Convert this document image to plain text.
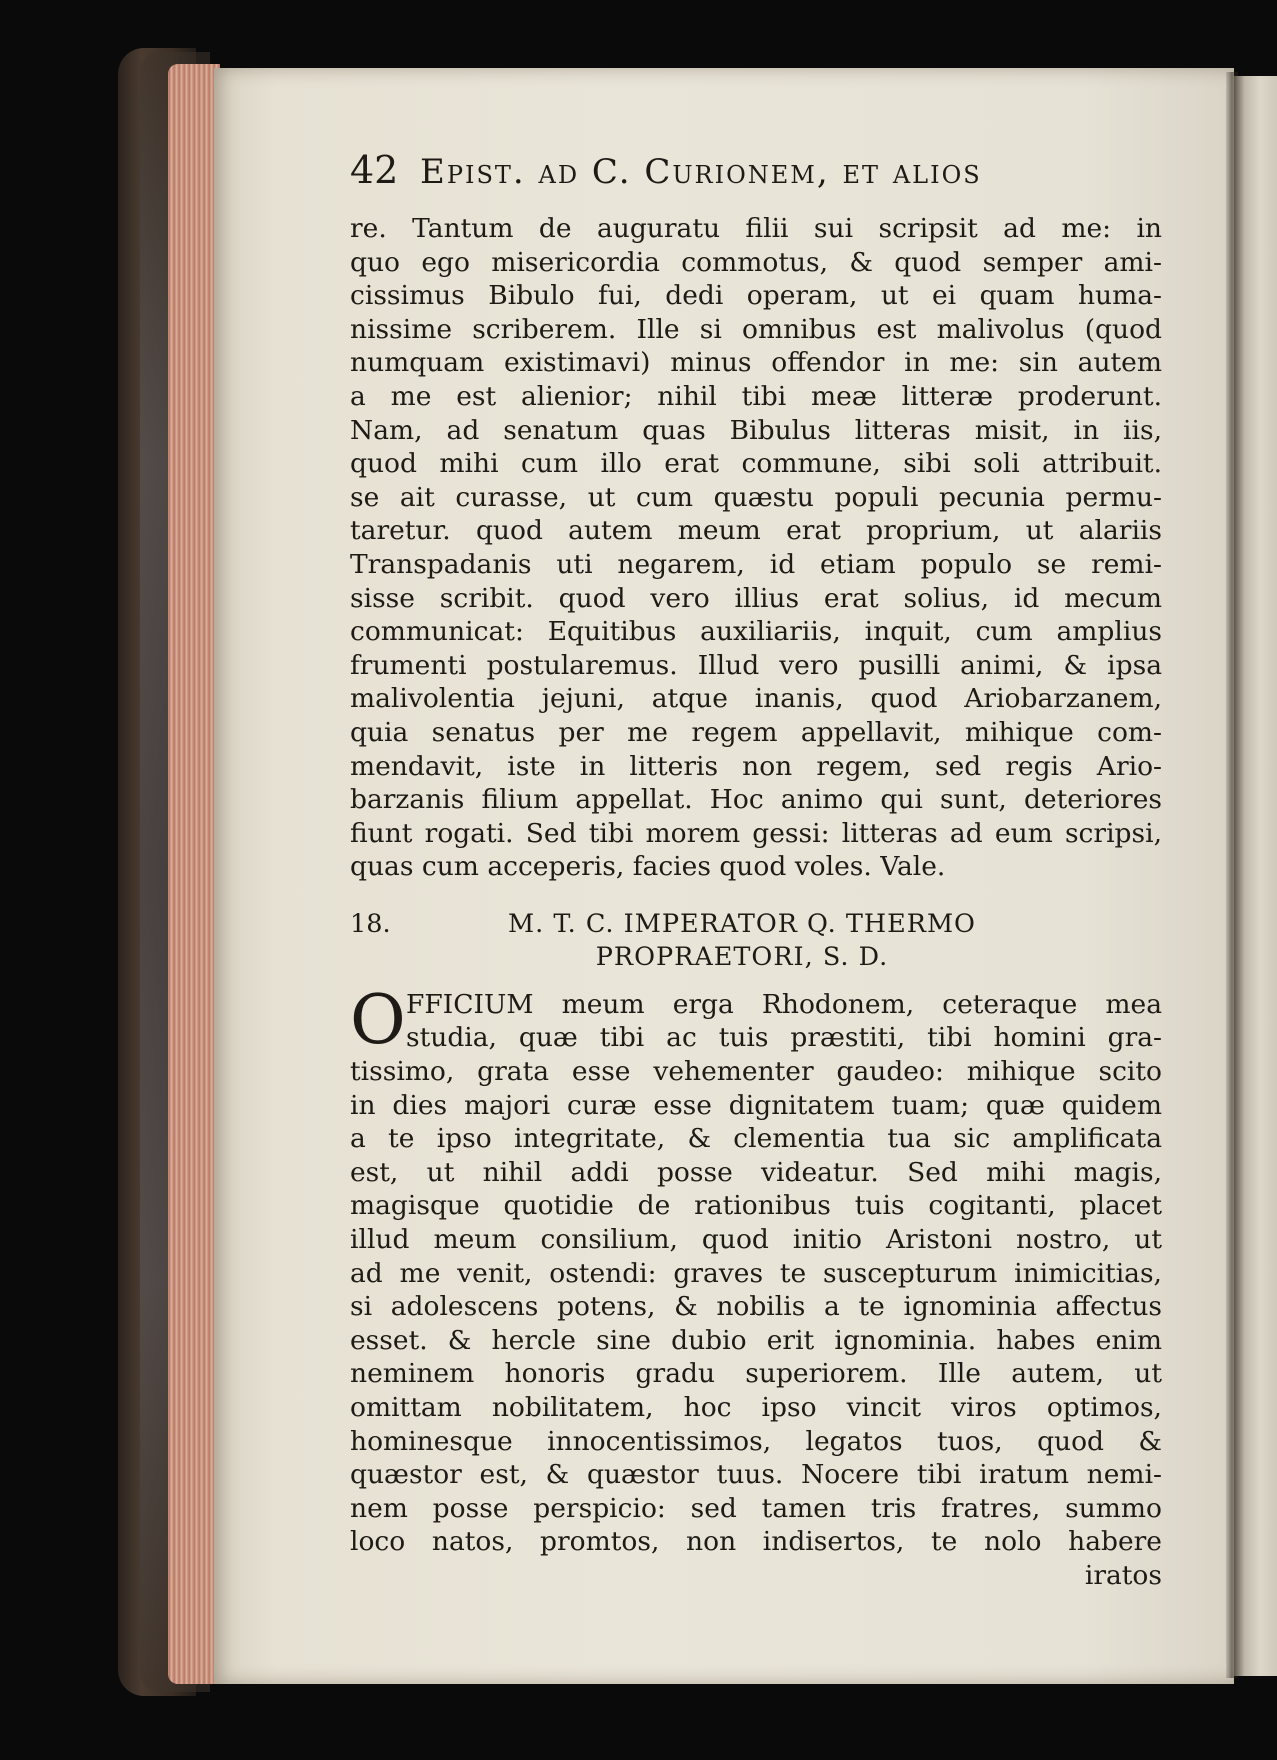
42 Epist. ad C. Curionem, et alios
re. Tantum de auguratu filii sui scripsit ad me: in
quo ego misericordia commotus, & quod semper ami-
cissimus Bibulo fui, dedi operam, ut ei quam huma-
nissime scriberem. Ille si omnibus est malivolus (quod
numquam existimavi) minus offendor in me: sin autem
a me est alienior; nihil tibi meæ litteræ proderunt.
Nam, ad senatum quas Bibulus litteras misit, in iis,
quod mihi cum illo erat commune, sibi soli attribuit.
se ait curasse, ut cum quæstu populi pecunia permu-
taretur. quod autem meum erat proprium, ut alariis
Transpadanis uti negarem, id etiam populo se remi-
sisse scribit. quod vero illius erat solius, id mecum
communicat: Equitibus auxiliariis, inquit, cum amplius
frumenti postularemus. Illud vero pusilli animi, & ipsa
malivolentia jejuni, atque inanis, quod Ariobarzanem,
quia senatus per me regem appellavit, mihique com-
mendavit, iste in litteris non regem, sed regis Ario-
barzanis filium appellat. Hoc animo qui sunt, deteriores
fiunt rogati. Sed tibi morem gessi: litteras ad eum scripsi,
quas cum acceperis, facies quod voles. Vale.
18.	M. T. C. IMPERATOR Q. THERMO
PROPRAETORI, S. D.
O FFICIUM meum erga Rhodonem, ceteraque mea
studia, quæ tibi ac tuis præstiti, tibi homini gra-
tissimo, grata esse vehementer gaudeo: mihique scito
in dies majori curæ esse dignitatem tuam; quæ quidem
a te ipso integritate, & clementia tua sic amplificata
est, ut nihil addi posse videatur. Sed mihi magis,
magisque quotidie de rationibus tuis cogitanti, placet
illud meum consilium, quod initio Aristoni nostro, ut
ad me venit, ostendi: graves te suscepturum inimicitias,
si adolescens potens, & nobilis a te ignominia affectus
esset. & hercle sine dubio erit ignominia. habes enim
neminem honoris gradu superiorem. Ille autem, ut
omittam nobilitatem, hoc ipso vincit viros optimos,
hominesque innocentissimos, legatos tuos, quod &
quæstor est, & quæstor tuus. Nocere tibi iratum nemi-
nem posse perspicio: sed tamen tris fratres, summo
loco natos, promtos, non indisertos, te nolo habere
iratos
